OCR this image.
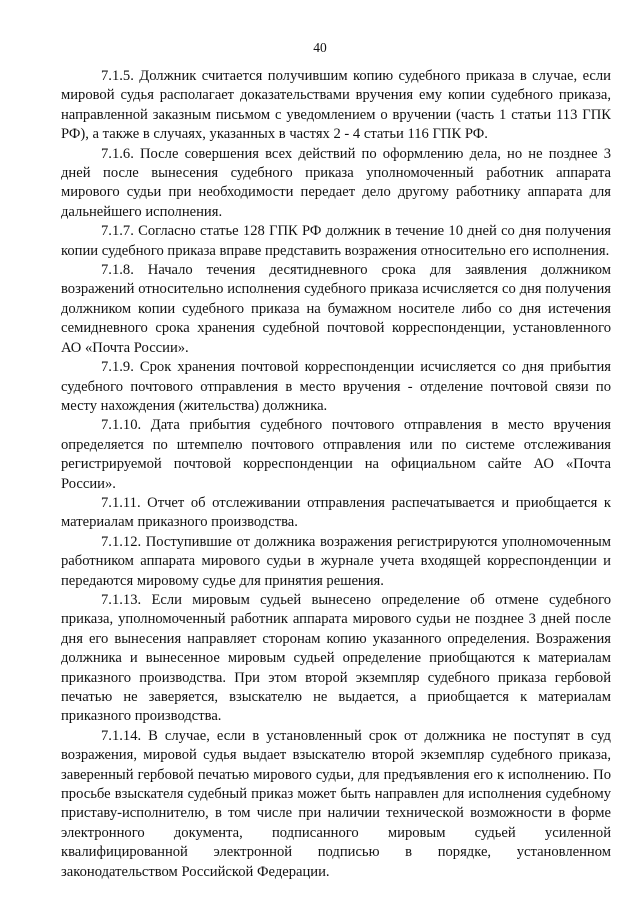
40

7.1.5. Должник считается получившим копию судебного приказа в случае, если мировой судья располагает доказательствами вручения ему копии судебного приказа, направленной заказным письмом с уведомлением о вручении (часть 1 статьи 113 ГПК РФ), а также в случаях, указанных в частях 2 - 4 статьи 116 ГПК РФ.

7.1.6. После совершения всех действий по оформлению дела, но не позднее 3 дней после вынесения судебного приказа уполномоченный работник аппарата мирового судьи при необходимости передает дело другому работнику аппарата для дальнейшего исполнения.

7.1.7. Согласно статье 128 ГПК РФ должник в течение 10 дней со дня получения копии судебного приказа вправе представить возражения относительно его исполнения.

7.1.8. Начало течения десятидневного срока для заявления должником возражений относительно исполнения судебного приказа исчисляется со дня получения должником копии судебного приказа на бумажном носителе либо со дня истечения семидневного срока хранения судебной почтовой корреспонденции, установленного АО «Почта России».

7.1.9. Срок хранения почтовой корреспонденции исчисляется со дня прибытия судебного почтового отправления в место вручения - отделение почтовой связи по месту нахождения (жительства) должника.

7.1.10. Дата прибытия судебного почтового отправления в место вручения определяется по штемпелю почтового отправления или по системе отслеживания регистрируемой почтовой корреспонденции на официальном сайте АО «Почта России».

7.1.11. Отчет об отслеживании отправления распечатывается и приобщается к материалам приказного производства.

7.1.12. Поступившие от должника возражения регистрируются уполномоченным работником аппарата мирового судьи в журнале учета входящей корреспонденции и передаются мировому судье для принятия решения.

7.1.13. Если мировым судьей вынесено определение об отмене судебного приказа, уполномоченный работник аппарата мирового судьи не позднее 3 дней после дня его вынесения направляет сторонам копию указанного определения. Возражения должника и вынесенное мировым судьей определение приобщаются к материалам приказного производства. При этом второй экземпляр судебного приказа гербовой печатью не заверяется, взыскателю не выдается, а приобщается к материалам приказного производства.

7.1.14. В случае, если в установленный срок от должника не поступят в суд возражения, мировой судья выдает взыскателю второй экземпляр судебного приказа, заверенный гербовой печатью мирового судьи, для предъявления его к исполнению. По просьбе взыскателя судебный приказ может быть направлен для исполнения судебному приставу-исполнителю, в том числе при наличии технической возможности в форме электронного документа, подписанного мировым судьей усиленной квалифицированной электронной подписью в порядке, установленном законодательством Российской Федерации.
